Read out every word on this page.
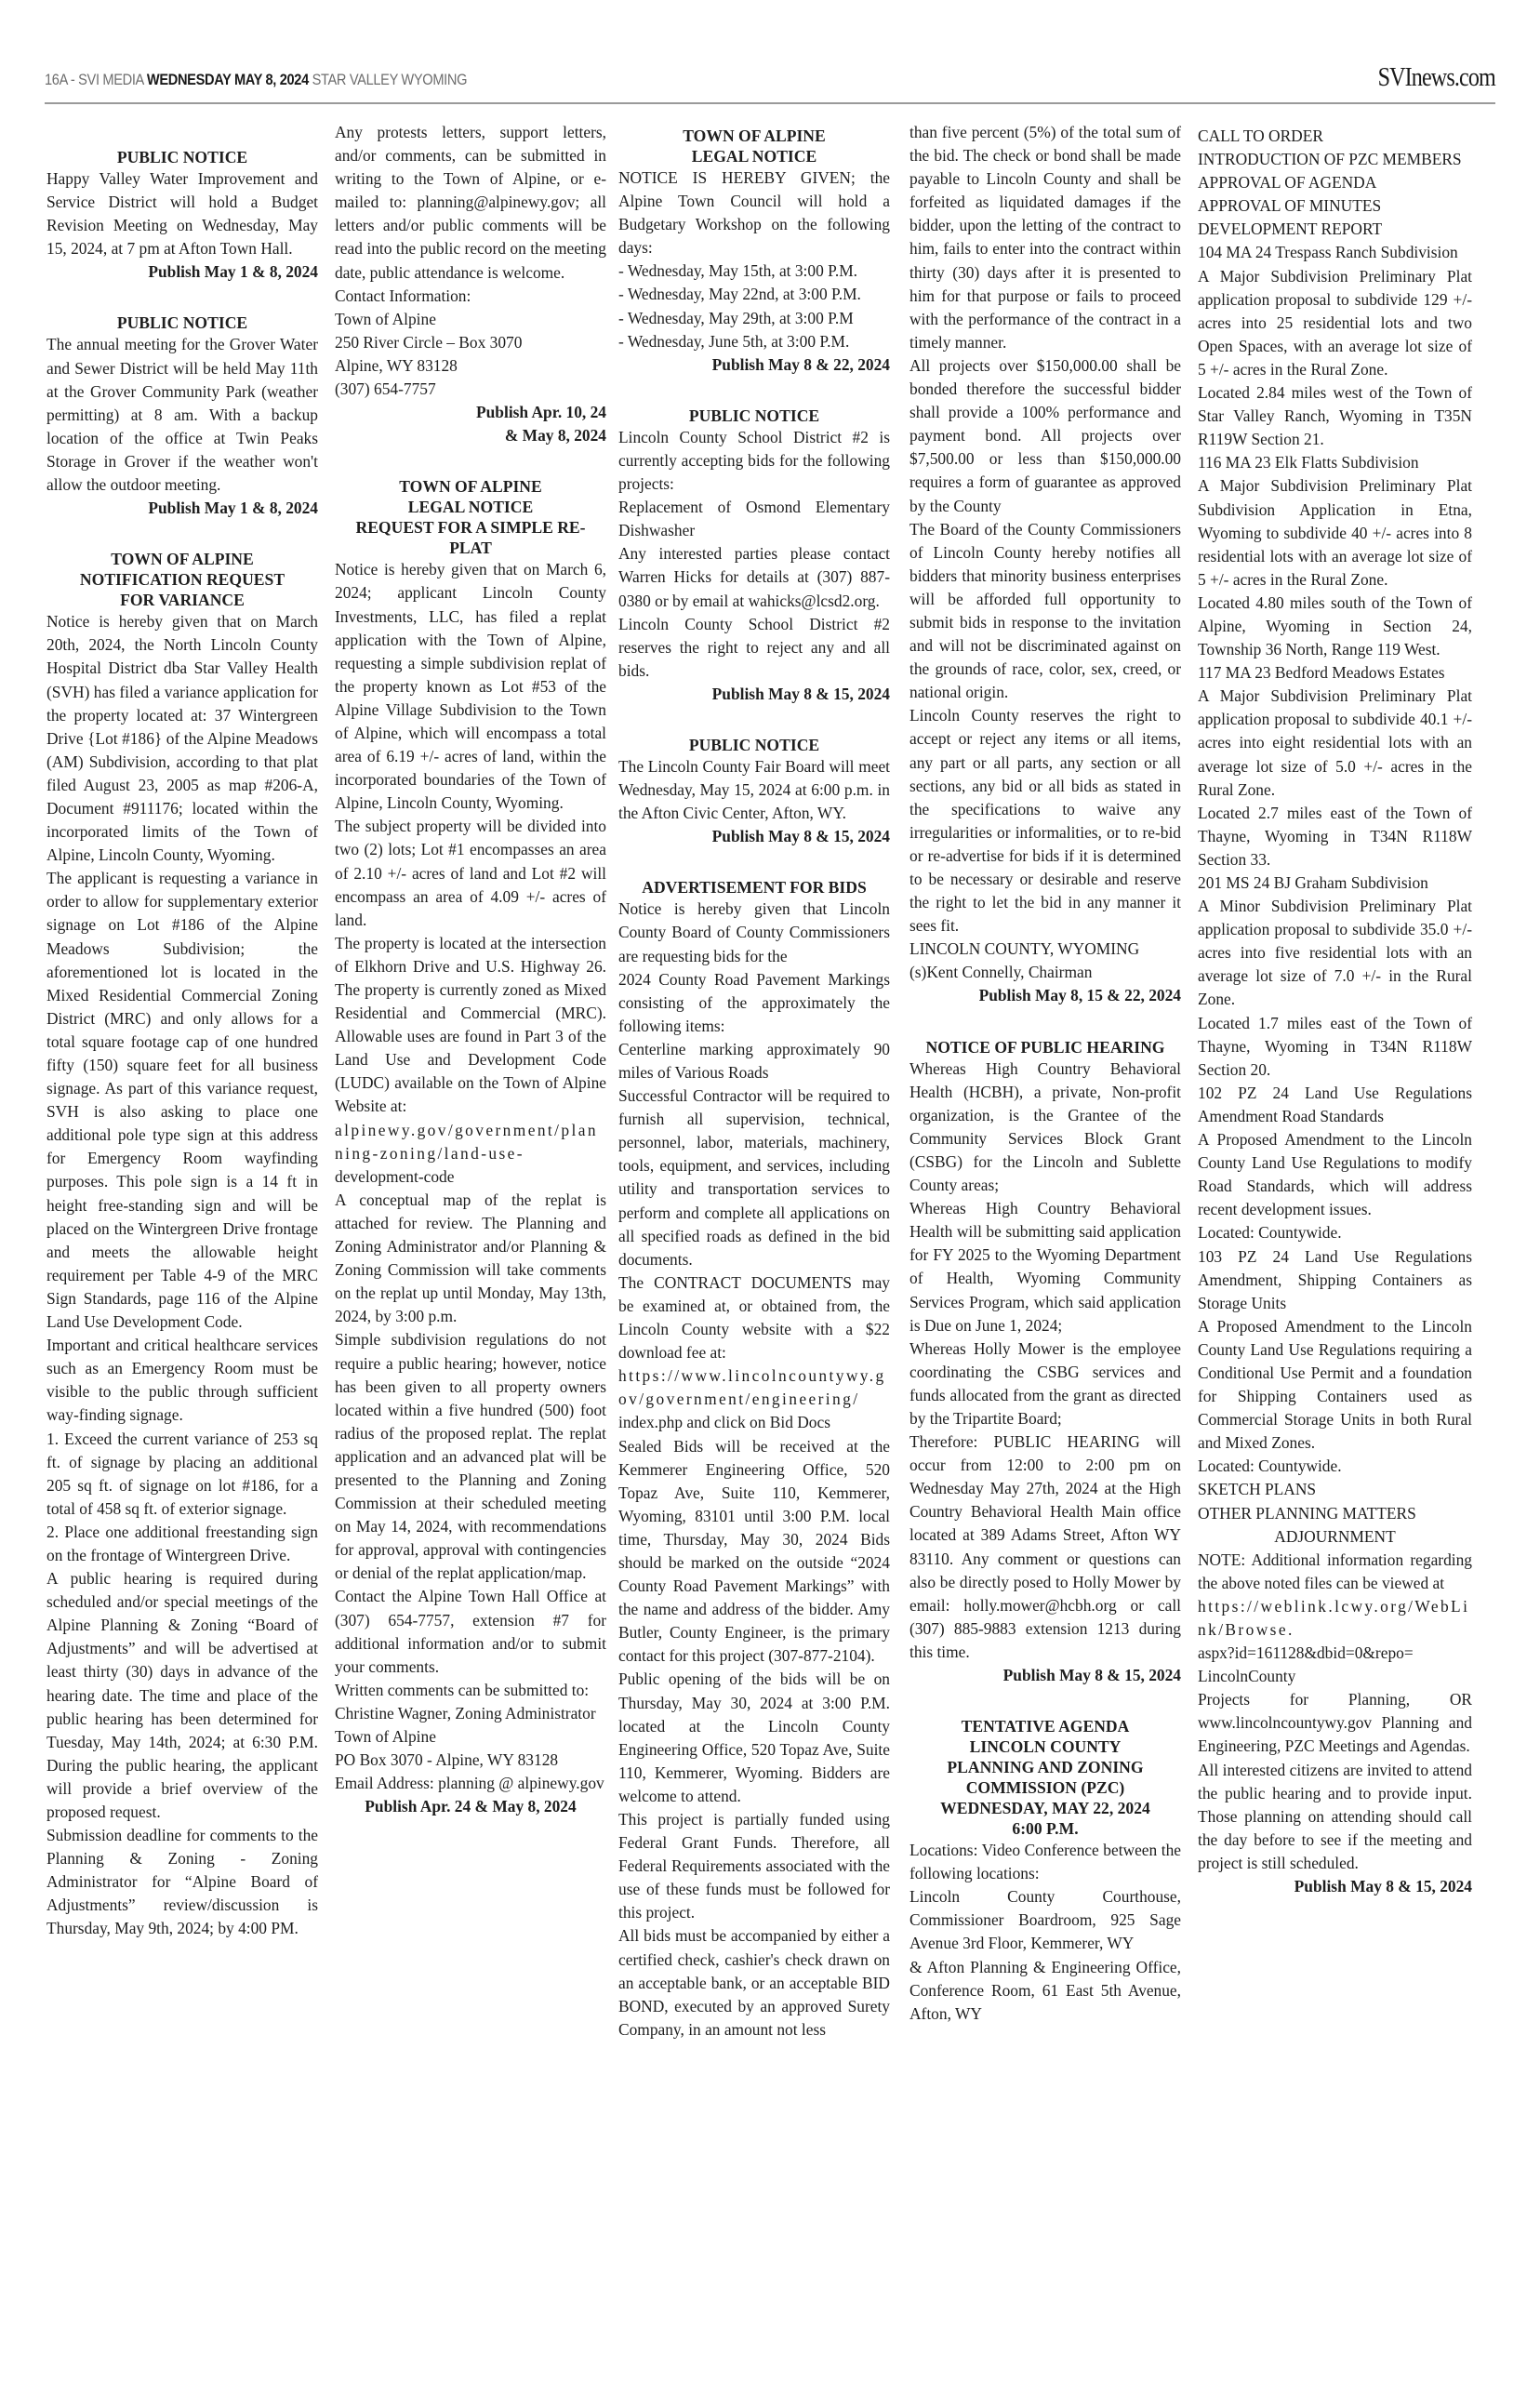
16A - SVI MEDIA WEDNESDAY MAY 8, 2024 STAR VALLEY WYOMING	SVInews.com

PUBLIC NOTICE

Happy Valley Water Improvement and Service District will hold a Budget Revision Meeting on Wednesday, May 15, 2024, at 7 pm at Afton Town Hall.

Publish May 1 & 8, 2024

PUBLIC NOTICE

The annual meeting for the Grover Water and Sewer District will be held May 11th at the Grover Community Park (weather permitting) at 8 am. With a backup location of the office at Twin Peaks Storage in Grover if the weather won't allow the outdoor meeting.

Publish May 1 & 8, 2024

TOWN OF ALPINE

NOTIFICATION REQUEST

FOR VARIANCE

Notice is hereby given that on March 20th, 2024, the North Lincoln County Hospital District dba Star Valley Health (SVH) has filed a variance application for the property located at: 37 Wintergreen Drive {Lot #186} of the Alpine Meadows (AM) Subdivision, according to that plat filed August 23, 2005 as map #206-A, Document #911176; located within the incorporated limits of the Town of Alpine, Lincoln County, Wyoming.

The applicant is requesting a variance in order to allow for supplementary exterior signage on Lot #186 of the Alpine Meadows Subdivision; the aforementioned lot is located in the Mixed Residential Commercial Zoning District (MRC) and only allows for a total square footage cap of one hundred fifty (150) square feet for all business signage. As part of this variance request, SVH is also asking to place one additional pole type sign at this address for Emergency Room wayfinding purposes. This pole sign is a 14 ft in height free-standing sign and will be placed on the Wintergreen Drive frontage and meets the allowable height requirement per Table 4-9 of the MRC Sign Standards, page 116 of the Alpine Land Use Development Code.

Important and critical healthcare services such as an Emergency Room must be visible to the public through sufficient way-finding signage.

1. Exceed the current variance of 253 sq ft. of signage by placing an additional 205 sq ft. of signage on lot #186, for a total of 458 sq ft. of exterior signage.

2. Place one additional freestanding sign on the frontage of Wintergreen Drive.

A public hearing is required during scheduled and/or special meetings of the Alpine Planning & Zoning “Board of Adjustments” and will be advertised at least thirty (30) days in advance of the hearing date. The time and place of the public hearing has been determined for Tuesday, May 14th, 2024; at 6:30 P.M. During the public hearing, the applicant will provide a brief overview of the proposed request.

Submission deadline for comments to the Planning & Zoning - Zoning Administrator for “Alpine Board of Adjustments” review/discussion is Thursday, May 9th, 2024; by 4:00 PM.

Any protests letters, support letters, and/or comments, can be submitted in writing to the Town of Alpine, or e-mailed to: planning@alpinewy.gov; all letters and/or public comments will be read into the public record on the meeting date, public attendance is welcome.

Contact Information:

Town of Alpine

250 River Circle – Box 3070

Alpine, WY 83128

(307) 654-7757

Publish Apr. 10, 24

& May 8, 2024

TOWN OF ALPINE

LEGAL NOTICE

REQUEST FOR A SIMPLE RE-

PLAT

Notice is hereby given that on March 6, 2024; applicant Lincoln County Investments, LLC, has filed a replat application with the Town of Alpine, requesting a simple subdivision replat of the property known as Lot #53 of the Alpine Village Subdivision to the Town of Alpine, which will encompass a total area of 6.19 +/- acres of land, within the incorporated boundaries of the Town of Alpine, Lincoln County, Wyoming.

The subject property will be divided into two (2) lots; Lot #1 encompasses an area of 2.10 +/- acres of land and Lot #2 will encompass an area of 4.09 +/- acres of land.

The property is located at the intersection of Elkhorn Drive and U.S. Highway 26. The property is currently zoned as Mixed Residential and Commercial (MRC). Allowable uses are found in Part 3 of the Land Use and Development Code (LUDC) available on the Town of Alpine Website at:

alpinewy.gov/government/planning-zoning/land-use-

development-code

A conceptual map of the replat is attached for review. The Planning and Zoning Administrator and/or Planning & Zoning Commission will take comments on the replat up until Monday, May 13th, 2024, by 3:00 p.m.

Simple subdivision regulations do not require a public hearing; however, notice has been given to all property owners located within a five hundred (500) foot radius of the proposed replat. The replat application and an advanced plat will be presented to the Planning and Zoning Commission at their scheduled meeting on May 14, 2024, with recommendations for approval, approval with contingencies or denial of the replat application/map.

Contact the Alpine Town Hall Office at (307) 654-7757, extension #7 for additional information and/or to submit your comments.

Written comments can be submitted to:

Christine Wagner, Zoning Administrator

Town of Alpine

PO Box 3070 - Alpine, WY 83128

Email Address: planning @ alpinewy.gov

Publish Apr. 24 & May 8, 2024

TOWN OF ALPINE

LEGAL NOTICE

NOTICE IS HEREBY GIVEN; the Alpine Town Council will hold a Budgetary Workshop on the following days:

- Wednesday, May 15th, at 3:00 P.M.

- Wednesday, May 22nd, at 3:00 P.M.

- Wednesday, May 29th, at 3:00 P.M

- Wednesday, June 5th, at 3:00 P.M.

Publish May 8 & 22, 2024

PUBLIC NOTICE

Lincoln County School District #2 is currently accepting bids for the following projects:

Replacement of Osmond Elementary Dishwasher

Any interested parties please contact Warren Hicks for details at (307) 887-0380 or by email at wahicks@lcsd2.org.

Lincoln County School District #2 reserves the right to reject any and all bids.

Publish May 8 & 15, 2024

PUBLIC NOTICE

The Lincoln County Fair Board will meet Wednesday, May 15, 2024 at 6:00 p.m. in the Afton Civic Center, Afton, WY.

Publish May 8 & 15, 2024

ADVERTISEMENT FOR BIDS

Notice is hereby given that Lincoln County Board of County Commissioners are requesting bids for the

2024 County Road Pavement Markings consisting of the approximately the following items:

Centerline marking approximately 90 miles of Various Roads

Successful Contractor will be required to furnish all supervision, technical, personnel, labor, materials, machinery, tools, equipment, and services, including utility and transportation services to perform and complete all applications on all specified roads as defined in the bid documents.

The CONTRACT DOCUMENTS may be examined at, or obtained from, the Lincoln County website with a $22 download fee at:

https://www.lincolncountywy.gov/government/engineering/

index.php and click on Bid Docs

Sealed Bids will be received at the Kemmerer Engineering Office, 520 Topaz Ave, Suite 110, Kemmerer, Wyoming, 83101 until 3:00 P.M. local time, Thursday, May 30, 2024 Bids should be marked on the outside “2024 County Road Pavement Markings” with the name and address of the bidder. Amy Butler, County Engineer, is the primary contact for this project (307-877-2104).

Public opening of the bids will be on Thursday, May 30, 2024 at 3:00 P.M. located at the Lincoln County Engineering Office, 520 Topaz Ave, Suite 110, Kemmerer, Wyoming. Bidders are welcome to attend.

This project is partially funded using Federal Grant Funds. Therefore, all Federal Requirements associated with the use of these funds must be followed for this project.

All bids must be accompanied by either a certified check, cashier's check drawn on an acceptable bank, or an acceptable BID BOND, executed by an approved Surety Company, in an amount not less

than five percent (5%) of the total sum of the bid. The check or bond shall be made payable to Lincoln County and shall be forfeited as liquidated damages if the bidder, upon the letting of the contract to him, fails to enter into the contract within thirty (30) days after it is presented to him for that purpose or fails to proceed with the performance of the contract in a timely manner.

All projects over $150,000.00 shall be bonded therefore the successful bidder shall provide a 100% performance and payment bond. All projects over $7,500.00 or less than $150,000.00 requires a form of guarantee as approved by the County

The Board of the County Commissioners of Lincoln County hereby notifies all bidders that minority business enterprises will be afforded full opportunity to submit bids in response to the invitation and will not be discriminated against on the grounds of race, color, sex, creed, or national origin.

Lincoln County reserves the right to accept or reject any items or all items, any part or all parts, any section or all sections, any bid or all bids as stated in the specifications to waive any irregularities or informalities, or to re-bid or re-advertise for bids if it is determined to be necessary or desirable and reserve the right to let the bid in any manner it sees fit.

LINCOLN COUNTY, WYOMING

(s)Kent Connelly, Chairman

Publish May 8, 15 & 22, 2024

NOTICE OF PUBLIC HEARING

Whereas High Country Behavioral Health (HCBH), a private, Non-profit organization, is the Grantee of the Community Services Block Grant (CSBG) for the Lincoln and Sublette County areas;

Whereas High Country Behavioral Health will be submitting said application for FY 2025 to the Wyoming Department of Health, Wyoming Community Services Program, which said application is Due on June 1, 2024;

Whereas Holly Mower is the employee coordinating the CSBG services and funds allocated from the grant as directed by the Tripartite Board;

Therefore: PUBLIC HEARING will occur from 12:00 to 2:00 pm on Wednesday May 27th, 2024 at the High Country Behavioral Health Main office located at 389 Adams Street, Afton WY 83110. Any comment or questions can also be directly posed to Holly Mower by email: holly.mower@hcbh.org or call (307) 885-9883 extension 1213 during this time.

Publish May 8 & 15, 2024

TENTATIVE AGENDA

LINCOLN COUNTY

PLANNING AND ZONING

COMMISSION (PZC)

WEDNESDAY, MAY 22, 2024

6:00 P.M.

Locations: Video Conference between the following locations:

Lincoln County Courthouse, Commissioner Boardroom, 925 Sage Avenue 3rd Floor, Kemmerer, WY

& Afton Planning & Engineering Office, Conference Room, 61 East 5th Avenue, Afton, WY

CALL TO ORDER

INTRODUCTION OF PZC MEMBERS

APPROVAL OF AGENDA

APPROVAL OF MINUTES

DEVELOPMENT REPORT

104 MA 24 Trespass Ranch Subdivision

A Major Subdivision Preliminary Plat application proposal to subdivide 129 +/- acres into 25 residential lots and two Open Spaces, with an average lot size of 5 +/- acres in the Rural Zone.

Located 2.84 miles west of the Town of Star Valley Ranch, Wyoming in T35N R119W Section 21.

116 MA 23 Elk Flatts Subdivision

A Major Subdivision Preliminary Plat Subdivision Application in Etna, Wyoming to subdivide 40 +/- acres into 8 residential lots with an average lot size of 5 +/- acres in the Rural Zone.

Located 4.80 miles south of the Town of Alpine, Wyoming in Section 24, Township 36 North, Range 119 West.

117 MA 23 Bedford Meadows Estates

A Major Subdivision Preliminary Plat application proposal to subdivide 40.1 +/- acres into eight residential lots with an average lot size of 5.0 +/- acres in the Rural Zone.

Located 2.7 miles east of the Town of Thayne, Wyoming in T34N R118W Section 33.

201 MS 24 BJ Graham Subdivision

A Minor Subdivision Preliminary Plat application proposal to subdivide 35.0 +/- acres into five residential lots with an average lot size of 7.0 +/- in the Rural Zone.

Located 1.7 miles east of the Town of Thayne, Wyoming in T34N R118W Section 20.

102 PZ 24 Land Use Regulations Amendment Road Standards

A Proposed Amendment to the Lincoln County Land Use Regulations to modify Road Standards, which will address recent development issues.

Located: Countywide.

103 PZ 24 Land Use Regulations Amendment, Shipping Containers as Storage Units

A Proposed Amendment to the Lincoln County Land Use Regulations requiring a Conditional Use Permit and a foundation for Shipping Containers used as Commercial Storage Units in both Rural and Mixed Zones.

Located: Countywide.

SKETCH PLANS

OTHER PLANNING MATTERS

ADJOURNMENT

NOTE: Additional information regarding the above noted files can be viewed at

https://weblink.lcwy.org/WebLink/Browse.

aspx?id=161128&dbid=0&repo=

LincolnCounty

Projects for Planning, OR www.lincolncountywy.gov Planning and Engineering, PZC Meetings and Agendas.

All interested citizens are invited to attend the public hearing and to provide input. Those planning on attending should call the day before to see if the meeting and project is still scheduled.

Publish May 8 & 15, 2024
